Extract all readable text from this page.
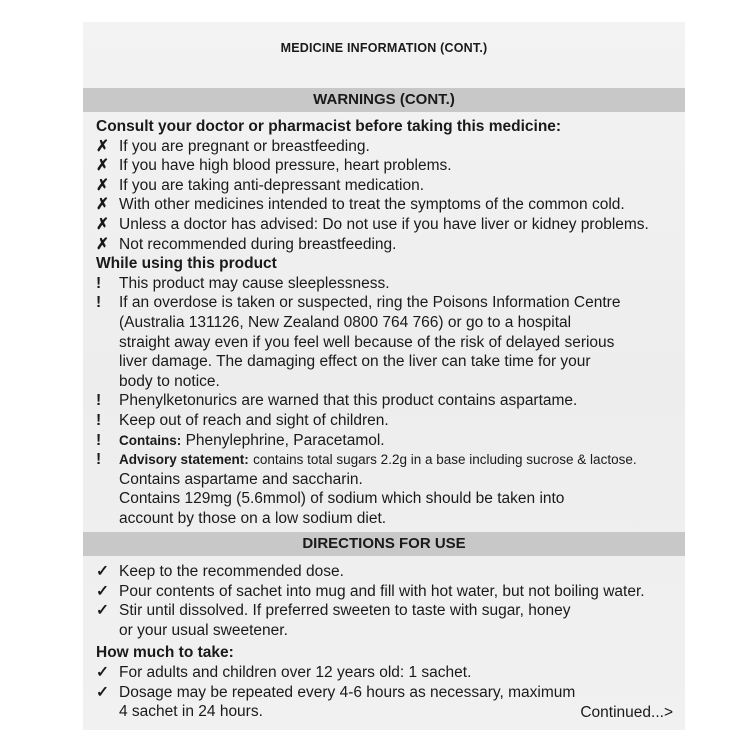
MEDICINE INFORMATION (CONT.)
WARNINGS (CONT.)
Consult your doctor or pharmacist before taking this medicine:
✗ If you are pregnant or breastfeeding.
✗ If you have high blood pressure, heart problems.
✗ If you are taking anti-depressant medication.
✗ With other medicines intended to treat the symptoms of the common cold.
✗ Unless a doctor has advised: Do not use if you have liver or kidney problems.
✗ Not recommended during breastfeeding.
While using this product
!	This product may cause sleeplessness.
!	If an overdose is taken or suspected, ring the Poisons Information Centre
(Australia 131126, New Zealand 0800 764 766) or go to a hospital
straight away even if you feel well because of the risk of delayed serious
liver damage. The damaging effect on the liver can take time for your
body to notice.
!	Phenylketonurics are warned that this product contains aspartame.
!	Keep out of reach and sight of children.
!	Contains: Phenylephrine, Paracetamol.
!	Advisory statement: contains total sugars 2.2g in a base including sucrose & lactose.
Contains aspartame and saccharin.
Contains 129mg (5.6mmol) of sodium which should be taken into
account by those on a low sodium diet.
DIRECTIONS FOR USE
✓ Keep to the recommended dose.
✓ Pour contents of sachet into mug and fill with hot water, but not boiling water.
✓ Stir until dissolved. If preferred sweeten to taste with sugar, honey
or your usual sweetener.
How much to take:
✓ For adults and children over 12 years old: 1 sachet.
✓ Dosage may be repeated every 4-6 hours as necessary, maximum
4 sachet in 24 hours.	Continued...>
